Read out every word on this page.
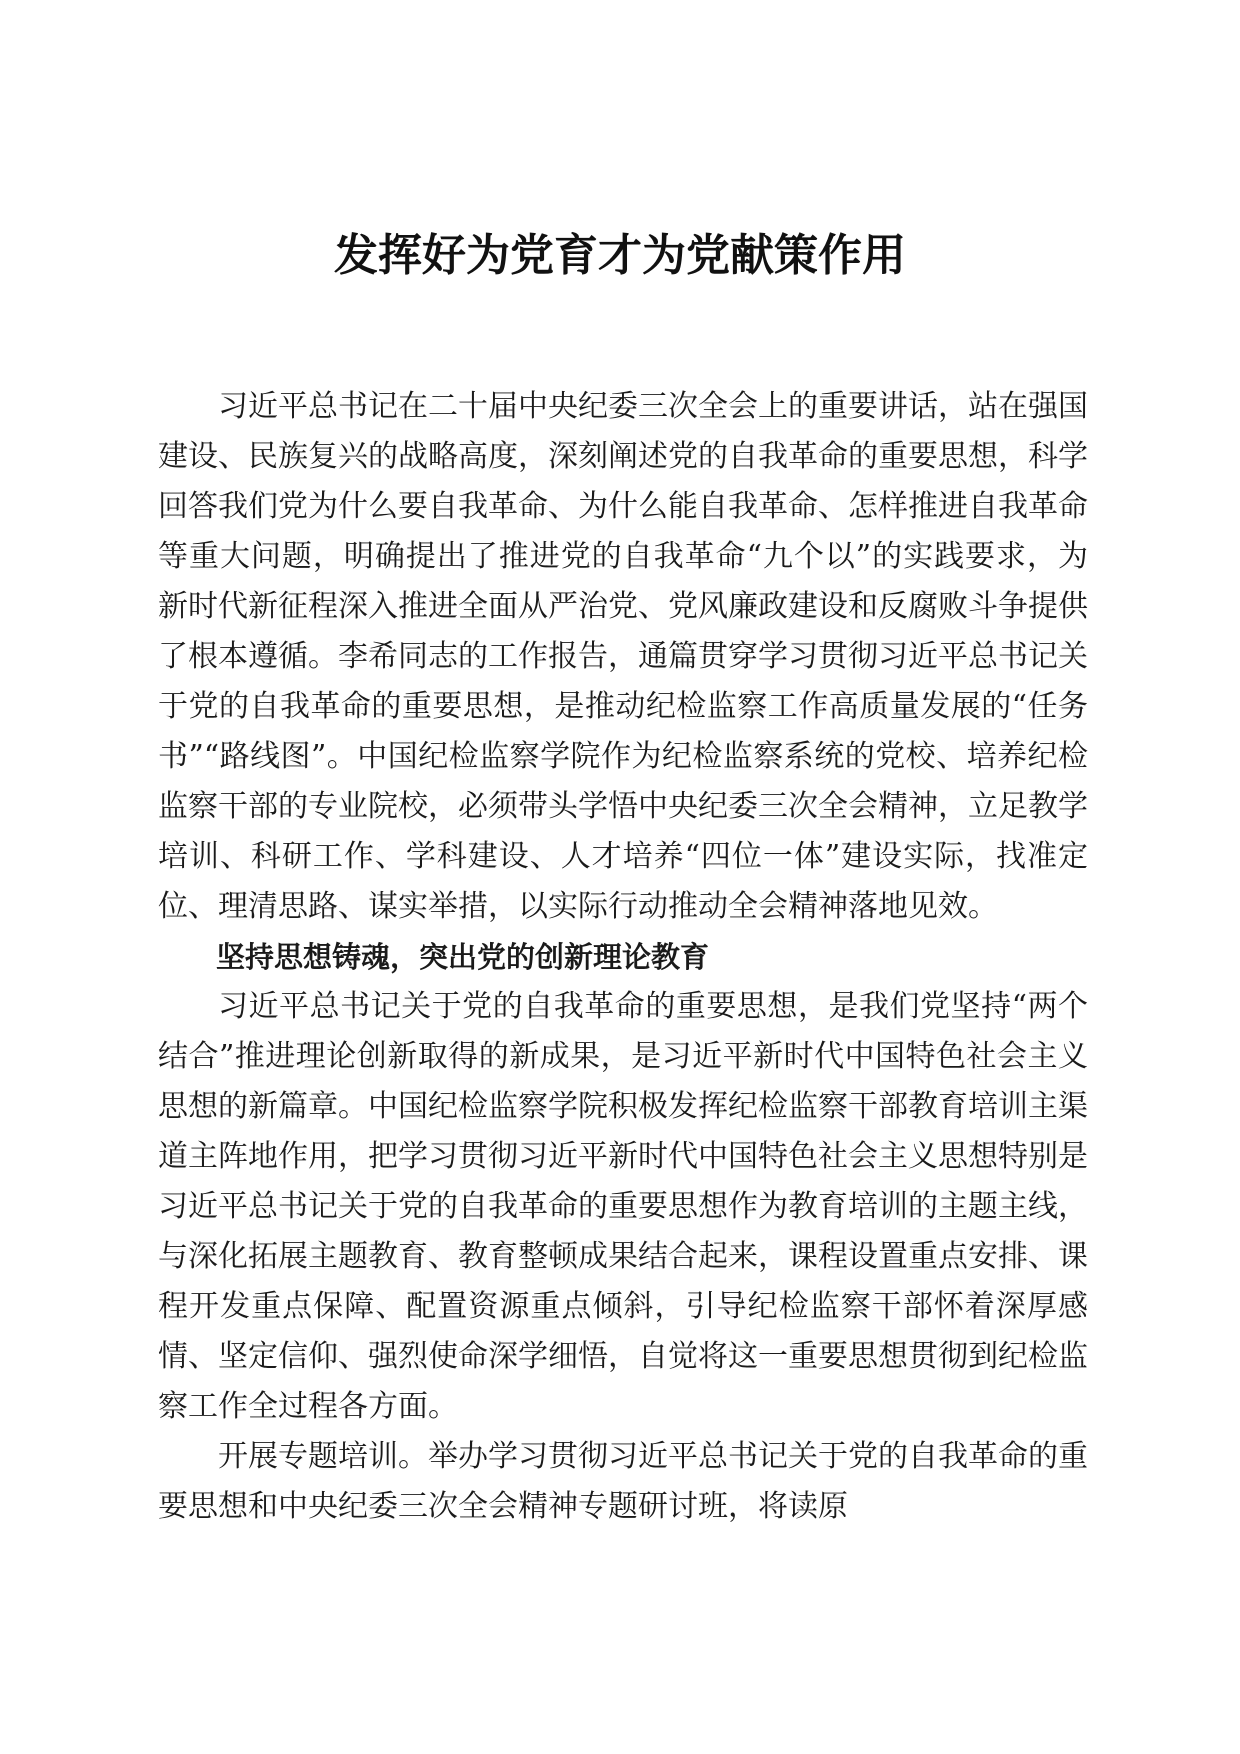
发挥好为党育才为党献策作用

习近平总书记在二十届中央纪委三次全会上的重要讲话，站在强国建设、民族复兴的战略高度，深刻阐述党的自我革命的重要思想，科学回答我们党为什么要自我革命、为什么能自我革命、怎样推进自我革命等重大问题，明确提出了推进党的自我革命“九个以”的实践要求，为新时代新征程深入推进全面从严治党、党风廉政建设和反腐败斗争提供了根本遵循。李希同志的工作报告，通篇贯穿学习贯彻习近平总书记关于党的自我革命的重要思想，是推动纪检监察工作高质量发展的“任务书”“路线图”。中国纪检监察学院作为纪检监察系统的党校、培养纪检监察干部的专业院校，必须带头学悟中央纪委三次全会精神，立足教学培训、科研工作、学科建设、人才培养“四位一体”建设实际，找准定位、理清思路、谋实举措，以实际行动推动全会精神落地见效。

坚持思想铸魂，突出党的创新理论教育

习近平总书记关于党的自我革命的重要思想，是我们党坚持“两个结合”推进理论创新取得的新成果，是习近平新时代中国特色社会主义思想的新篇章。中国纪检监察学院积极发挥纪检监察干部教育培训主渠道主阵地作用，把学习贯彻习近平新时代中国特色社会主义思想特别是习近平总书记关于党的自我革命的重要思想作为教育培训的主题主线，与深化拓展主题教育、教育整顿成果结合起来，课程设置重点安排、课程开发重点保障、配置资源重点倾斜，引导纪检监察干部怀着深厚感情、坚定信仰、强烈使命深学细悟，自觉将这一重要思想贯彻到纪检监察工作全过程各方面。

开展专题培训。举办学习贯彻习近平总书记关于党的自我革命的重要思想和中央纪委三次全会精神专题研讨班，将读原
